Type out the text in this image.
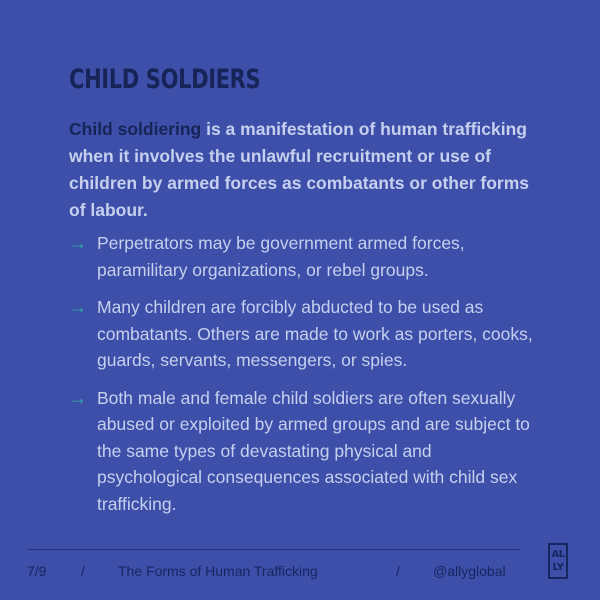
CHILD SOLDIERS
Child soldiering is a manifestation of human trafficking when it involves the unlawful recruitment or use of children by armed forces as combatants or other forms of labour.
→ Perpetrators may be government armed forces, paramilitary organizations, or rebel groups.
→ Many children are forcibly abducted to be used as combatants. Others are made to work as porters, cooks, guards, servants, messengers, or spies.
→ Both male and female child soldiers are often sexually abused or exploited by armed groups and are subject to the same types of devastating physical and psychological consequences associated with child sex trafficking.
7/9 / The Forms of Human Trafficking	/ @allyglobal
AL
LY
